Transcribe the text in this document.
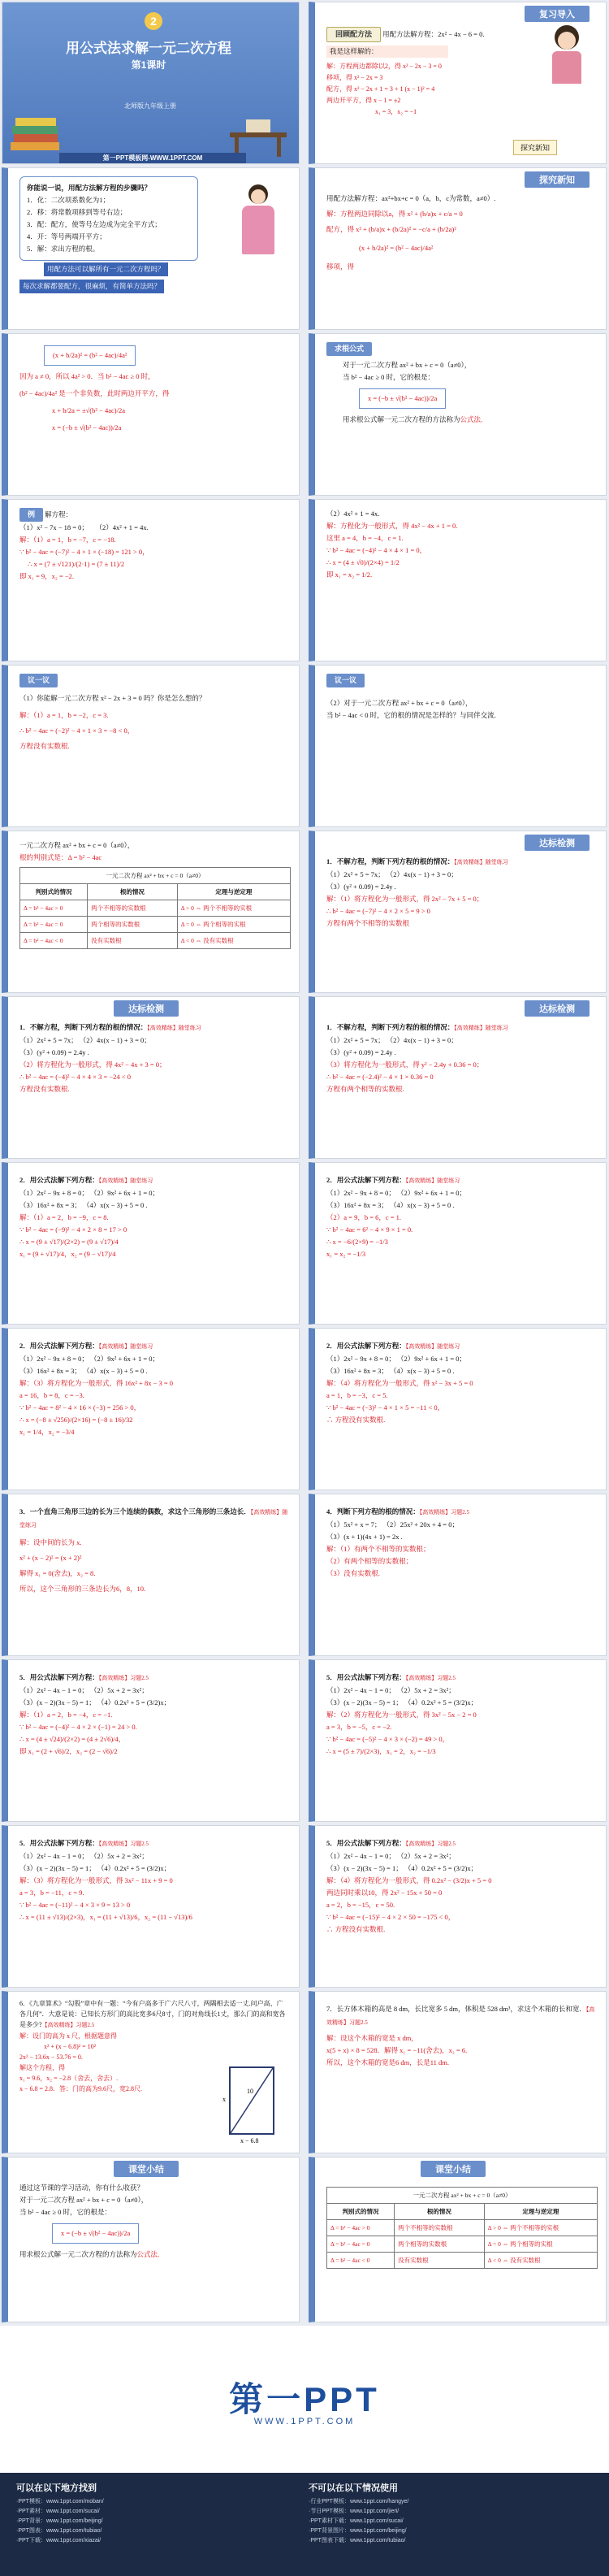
2
用公式法求解一元二次方程
第1课时
北师版九年级上册
第一PPT模板网-WWW.1PPT.COM
复习导入
回顾配方法 用配方法解方程：2x² − 4x − 6 = 0.
我是这样解的：
解：方程两边都除以2，得 x² − 2x − 3 = 0
移项，得 x² − 2x = 3
配方，得 x² − 2x + 1 = 3 + 1 (x − 1)² = 4
两边开平方，得 x − 1 = ±2
x₁ = 3，x₂ = −1
探究新知
你能说一说，用配方法解方程的步骤吗？
1．化：二次项系数化为1；
2．移：将常数项移到等号右边；
3．配：配方，使等号左边成为完全平方式；
4．开：等号两端开平方；
5．解：求出方程的根。
用配方法可以解所有一元二次方程吗？
每次求解都要配方，很麻烦，有简单方法吗？
探究新知
用配方法解方程：ax²+bx+c = 0（a，b，c为常数，a≠0）.
解：方程两边同除以a，得 x² + (b/a)x + c/a = 0
配方，得 x² + (b/a)x + (b/2a)² = −c/a + (b/2a)²
(x + b/2a)² = (b² − 4ac)/4a²
移项，得
(x + b/2a)² = (b² − 4ac)/4a²
因为 a ≠ 0，所以 4a² > 0．当 b² − 4ac ≥ 0 时，
(b² − 4ac)/4a² 是一个非负数，此时两边开平方，得
x + b/2a = ±√(b² − 4ac)/2a
x = (−b ± √(b² − 4ac))/2a
求根公式
对于一元二次方程 ax² + bx + c = 0（a≠0），
当 b² − 4ac ≥ 0 时，它的根是：
x = (−b ± √(b² − 4ac))/2a
用求根公式解一元二次方程的方法称为公式法.
例 解方程：
（1）x² − 7x − 18 = 0；　　 （2）4x² + 1 = 4x.
解：（1）a = 1，b = −7，c = −18.
∵ b² − 4ac = (−7)² − 4 × 1 × (−18) = 121 > 0，
∴ x = (7 ± √121)/(2·1) = (7 ± 11)/2
即 x₁ = 9，x₂ = −2.
（2）4x² + 1 = 4x.
解：方程化为一般形式，得 4x² − 4x + 1 = 0.
这里 a = 4，b = −4，c = 1.
∵ b² − 4ac = (−4)² − 4 × 4 × 1 = 0，
∴ x = (4 ± √0)/(2×4) = 1/2
即 x₁ = x₂ = 1/2.
议一议
（1）你能解一元二次方程 x² − 2x + 3 = 0 吗？你是怎么想的？
解：（1）a = 1，b = −2，c = 3.
∴ b² − 4ac = (−2)² − 4 × 1 × 3 = −8 < 0，
方程没有实数根.
议一议
（2）对于一元二次方程 ax² + bx + c = 0（a≠0），
当 b² − 4ac < 0 时，它的根的情况是怎样的？与同伴交流.
一元二次方程 ax² + bx + c = 0（a≠0），
根的判别式是：Δ = b² − 4ac
一元二次方程 ax² + bx + c = 0（a≠0）		
判别式的情况	根的情况	定理与逆定理
Δ = b² − 4ac > 0	两个不相等的实数根	Δ > 0 ⇔ 两个不相等的实根
Δ = b² − 4ac = 0	两个相等的实数根	Δ = 0 ⇔ 两个相等的实根
Δ = b² − 4ac < 0	没有实数根	Δ < 0 ⇔ 没有实数根
达标检测
1．不解方程，判断下列方程的根的情况：【高效精练】随堂练习
（1）2x² + 5 = 7x； （2）4x(x − 1) + 3 = 0；
（3）(y² + 0.09) = 2.4y .
解：（1）将方程化为一般形式，得 2x² − 7x + 5 = 0；
∴ b² − 4ac = (−7)² − 4 × 2 × 5 = 9 > 0
方程有两个不相等的实数根
达标检测
1．不解方程，判断下列方程的根的情况：【高效精练】随堂练习
（1）2x² + 5 = 7x； （2）4x(x − 1) + 3 = 0；
（3）(y² + 0.09) = 2.4y .
（2）将方程化为一般形式，得 4x² − 4x + 3 = 0；
∴ b² − 4ac = (−4)² − 4 × 4 × 3 = −24 < 0
方程没有实数根.
达标检测
1．不解方程，判断下列方程的根的情况：【高效精练】随堂练习
（1）2x² + 5 = 7x； （2）4x(x − 1) + 3 = 0；
（3）(y² + 0.09) = 2.4y .
（3）将方程化为一般形式，得 y² − 2.4y + 0.36 = 0；
∴ b² − 4ac = (−2.4)² − 4 × 1 × 0.36 = 0
方程有两个相等的实数根.
2．用公式法解下列方程：【高效精练】随堂练习
（1）2x² − 9x + 8 = 0； （2）9x² + 6x + 1 = 0；
（3）16x² + 8x = 3； （4）x(x − 3) + 5 = 0 .
解：（1）a = 2，b = −9，c = 8.
∵ b² − 4ac = (−9)² − 4 × 2 × 8 = 17 > 0
∴ x = (9 ± √17)/(2×2) = (9 ± √17)/4
x₁ = (9 + √17)/4，x₂ = (9 − √17)/4
2．用公式法解下列方程：【高效精练】随堂练习
（1）2x² − 9x + 8 = 0； （2）9x² + 6x + 1 = 0；
（3）16x² + 8x = 3； （4）x(x − 3) + 5 = 0 .
（2）a = 9，b = 6，c = 1.
∵ b² − 4ac = 6² − 4 × 9 × 1 = 0.
∴ x = −6/(2×9) = −1/3
x₁ = x₂ = −1/3
2．用公式法解下列方程：【高效精练】随堂练习
（1）2x² − 9x + 8 = 0； （2）9x² + 6x + 1 = 0；
（3）16x² + 8x = 3； （4）x(x − 3) + 5 = 0 .
解：（3）将方程化为一般形式，得 16x² + 8x − 3 = 0
a = 16，b = 8，c = −3.
∵ b² − 4ac = 8² − 4 × 16 × (−3) = 256 > 0，
∴ x = (−8 ± √256)/(2×16) = (−8 ± 16)/32
x₁ = 1/4，x₂ = −3/4
2．用公式法解下列方程：【高效精练】随堂练习
（1）2x² − 9x + 8 = 0； （2）9x² + 6x + 1 = 0；
（3）16x² + 8x = 3； （4）x(x − 3) + 5 = 0 .
解：（4）将方程化为一般形式，得 x² − 3x + 5 = 0
a = 1，b = −3，c = 5.
∵ b² − 4ac = (−3)² − 4 × 1 × 5 = −11 < 0，
∴ 方程没有实数根.
3．一个直角三角形三边的长为三个连续的偶数，求这个三角形的三条边长．【高效精练】随堂练习
解：设中间的长为 x.
x² + (x − 2)² = (x + 2)²
解得 x₁ = 0(舍去)，x₂ = 8.
所以，这个三角形的三条边长为6，8，10.
4．判断下列方程的根的情况：【高效精练】习题2.5
（1）5x² + x = 7； （2）25x² + 20x + 4 = 0；
（3）(x + 1)(4x + 1) = 2x .
解：（1）有两个不相等的实数根；
（2）有两个相等的实数根；
（3）没有实数根.
5．用公式法解下列方程：【高效精练】习题2.5
（1）2x² − 4x − 1 = 0； （2）5x + 2 = 3x²；
（3）(x − 2)(3x − 5) = 1； （4）0.2x² + 5 = (3/2)x；
解：（1）a = 2，b = −4，c = −1.
∵ b² − 4ac = (−4)² − 4 × 2 × (−1) = 24 > 0.
∴ x = (4 ± √24)/(2×2) = (4 ± 2√6)/4，
即 x₁ = (2 + √6)/2，x₂ = (2 − √6)/2
5．用公式法解下列方程：【高效精练】习题2.5
（1）2x² − 4x − 1 = 0； （2）5x + 2 = 3x²；
（3）(x − 2)(3x − 5) = 1； （4）0.2x² + 5 = (3/2)x；
解：（2）将方程化为一般形式，得 3x² − 5x − 2 = 0
a = 3，b = −5，c = −2.
∵ b² − 4ac = (−5)² − 4 × 3 × (−2) = 49 > 0，
∴ x = (5 ± 7)/(2×3)，x₁ = 2，x₂ = −1/3
5．用公式法解下列方程：【高效精练】习题2.5
（1）2x² − 4x − 1 = 0； （2）5x + 2 = 3x²；
（3）(x − 2)(3x − 5) = 1； （4）0.2x² + 5 = (3/2)x；
解：（3）将方程化为一般形式，得 3x² − 11x + 9 = 0
a = 3，b = −11，c = 9.
∵ b² − 4ac = (−11)² − 4 × 3 × 9 = 13 > 0
∴ x = (11 ± √13)/(2×3)，x₁ = (11 + √13)/6，x₂ = (11 − √13)/6
5．用公式法解下列方程：【高效精练】习题2.5
（1）2x² − 4x − 1 = 0； （2）5x + 2 = 3x²；
（3）(x − 2)(3x − 5) = 1； （4）0.2x² + 5 = (3/2)x；
解：（4）将方程化为一般形式，得 0.2x² − (3/2)x + 5 = 0
两边同时乘以10，得 2x² − 15x + 50 = 0
a = 2，b = −15，c = 50.
∵ b² − 4ac = (−15)² − 4 × 2 × 50 = −175 < 0，
∴ 方程没有实数根.
6．《九章算术》“勾股”章中有一题：“今有户高多于广六尺八寸，两隅相去适一丈.问户高、广各几何”．大意是说：已知长方形门的高比宽多6尺8寸，门的对角线长1丈，那么门的高和宽各是多少?【高效精练】习题2.5
解：设门的高为 x 尺，根据题意得
x² + (x − 6.8)² = 10²
2x² − 13.6x − 53.76 = 0.
解这个方程，得
x₁ = 9.6，x₂ = −2.8（舍去，舍去）.
x − 6.8 = 2.8．答：门的高为9.6尺，宽2.8尺.	10
x
x − 6.8
7．长方体木箱的高是 8 dm，长比宽多 5 dm，体积是 528 dm³，求这个木箱的长和宽．【高效精练】习题2.5
解：设这个木箱的宽是 x dm，
x(5 + x) × 8 = 528．解得 x₁ = −11(舍去)，x₂ = 6.
所以，这个木箱的宽是6 dm，长是11 dm.
课堂小结
通过这节课的学习活动，你有什么收获？
对于一元二次方程 ax² + bx + c = 0（a≠0），
当 b² − 4ac ≥ 0 时，它的根是：
x = (−b ± √(b² − 4ac))/2a
用求根公式解一元二次方程的方法称为公式法.
课堂小结
一元二次方程 ax² + bx + c = 0（a≠0）		
判别式的情况	根的情况	定理与逆定理
Δ = b² − 4ac > 0	两个不相等的实数根	Δ > 0 ⇔ 两个不相等的实根
Δ = b² − 4ac = 0	两个相等的实数根	Δ = 0 ⇔ 两个相等的实根
Δ = b² − 4ac < 0	没有实数根	Δ < 0 ⇔ 没有实数根
第一PPT
WWW.1PPT.COM
可以在以下地方找到
·PPT模板：www.1ppt.com/moban/
·PPT素材：www.1ppt.com/sucai/
·PPT背景：www.1ppt.com/beijing/
·PPT图表：www.1ppt.com/tubiao/
·PPT下载：www.1ppt.com/xiazai/
不可以在以下情况使用
·行业PPT模板：www.1ppt.com/hangye/
·节日PPT模板：www.1ppt.com/jieri/
·PPT素材下载：www.1ppt.com/sucai/
·PPT背景图片：www.1ppt.com/beijing/
·PPT图表下载：www.1ppt.com/tubiao/
